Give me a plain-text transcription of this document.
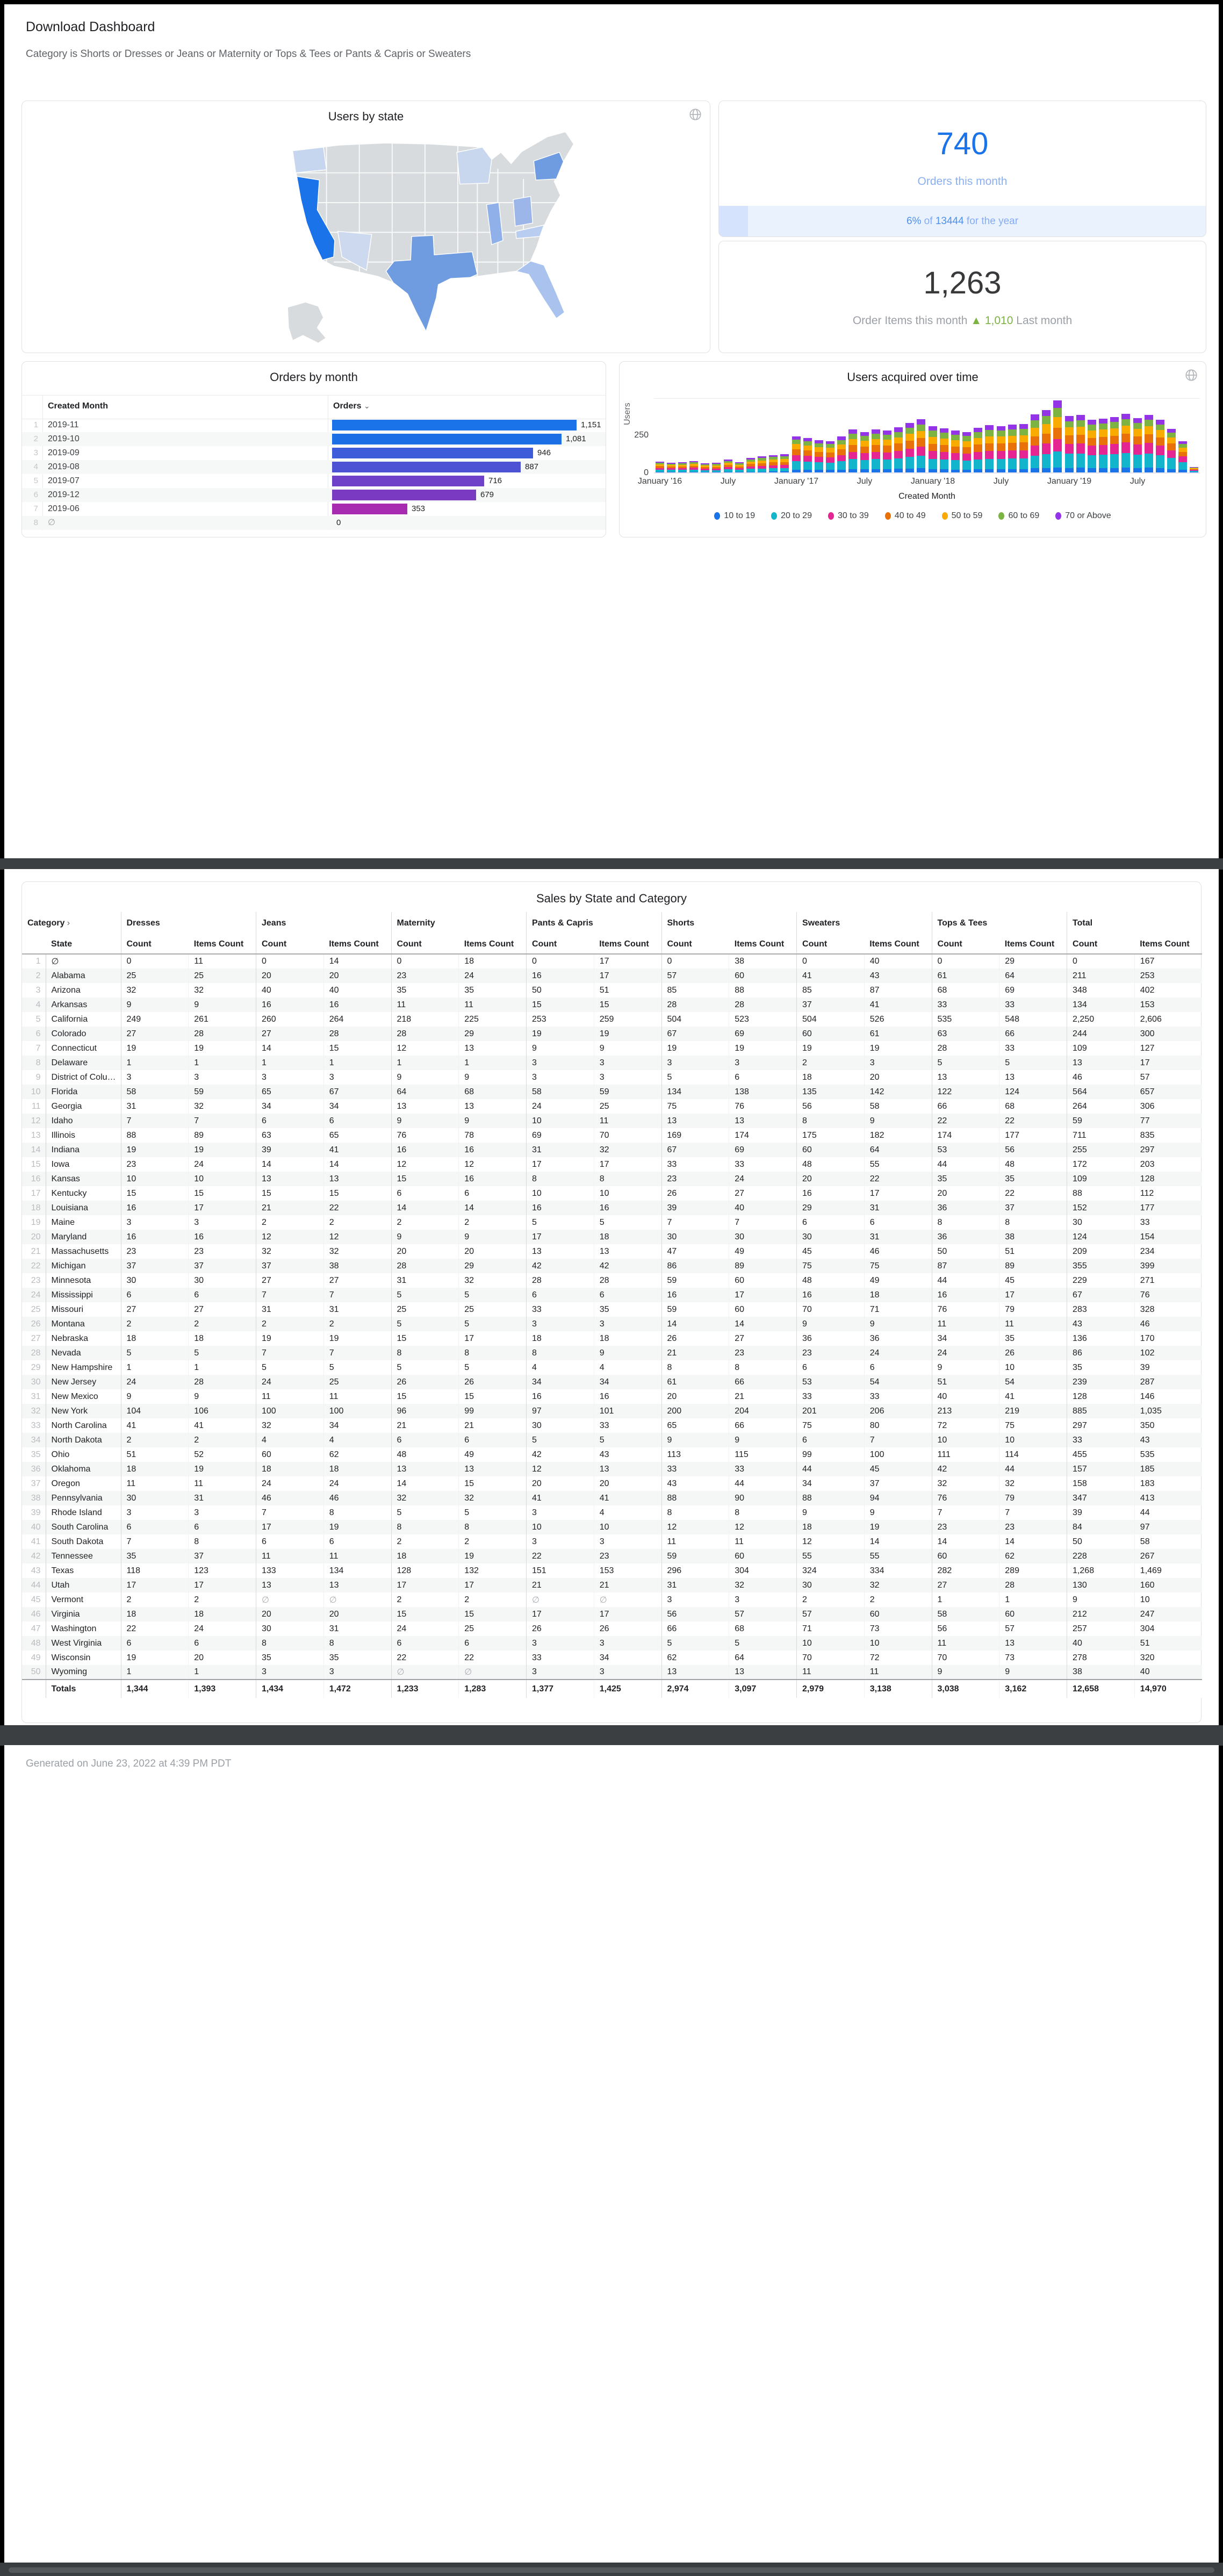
Download Dashboard
Category is Shorts or Dresses or Jeans or Maternity or Tops & Tees or Pants & Capris or Sweaters
Users by state
740
Orders this month
6% of 13444 for the year
1,263
Order Items this month ▲ 1,010 Last month
Orders by month
Created Month	Orders ⌄
1 2019-11	1,151
2 2019-10	1,081
3 2019-09	946
4 2019-08	887
5 2019-07	716
6 2019-12	679
7 2019-06	353
8 ∅	0
Users acquired over time
Users
250
0
Created Month
10 to 19	20 to 29	30 to 39	40 to 49	50 to 59	60 to 69	70 or Above
January '16	July	January '17	July	January '18	July	January '19	July
Sales by State and Category
Category ›		Dresses		Jeans		Maternity		Pants & Capris		Shorts		Sweaters		Tops & Tees		Total	
	State	Count	Items Count	Count	Items Count	Count	Items Count	Count	Items Count	Count	Items Count	Count	Items Count	Count	Items Count	Count	Items Count
1	∅	0	11	0	14	0	18	0	17	0	38	0	40	0	29	0	167
2	Alabama	25	25	20	20	23	24	16	17	57	60	41	43	61	64	211	253
3	Arizona	32	32	40	40	35	35	50	51	85	88	85	87	68	69	348	402
4	Arkansas	9	9	16	16	11	11	15	15	28	28	37	41	33	33	134	153
5	California	249	261	260	264	218	225	253	259	504	523	504	526	535	548	2,250	2,606
6	Colorado	27	28	27	28	28	29	19	19	67	69	60	61	63	66	244	300
7	Connecticut	19	19	14	15	12	13	9	9	19	19	19	19	28	33	109	127
8	Delaware	1	1	1	1	1	1	3	3	3	3	2	3	5	5	13	17
9	District of Colu…	3	3	3	3	9	9	3	3	5	6	18	20	13	13	46	57
10	Florida	58	59	65	67	64	68	58	59	134	138	135	142	122	124	564	657
11	Georgia	31	32	34	34	13	13	24	25	75	76	56	58	66	68	264	306
12	Idaho	7	7	6	6	9	9	10	11	13	13	8	9	22	22	59	77
13	Illinois	88	89	63	65	76	78	69	70	169	174	175	182	174	177	711	835
14	Indiana	19	19	39	41	16	16	31	32	67	69	60	64	53	56	255	297
15	Iowa	23	24	14	14	12	12	17	17	33	33	48	55	44	48	172	203
16	Kansas	10	10	13	13	15	16	8	8	23	24	20	22	35	35	109	128
17	Kentucky	15	15	15	15	6	6	10	10	26	27	16	17	20	22	88	112
18	Louisiana	16	17	21	22	14	14	16	16	39	40	29	31	36	37	152	177
19	Maine	3	3	2	2	2	2	5	5	7	7	6	6	8	8	30	33
20	Maryland	16	16	12	12	9	9	17	18	30	30	30	31	36	38	124	154
21	Massachusetts	23	23	32	32	20	20	13	13	47	49	45	46	50	51	209	234
22	Michigan	37	37	37	38	28	29	42	42	86	89	75	75	87	89	355	399
23	Minnesota	30	30	27	27	31	32	28	28	59	60	48	49	44	45	229	271
24	Mississippi	6	6	7	7	5	5	6	6	16	17	16	18	16	17	67	76
25	Missouri	27	27	31	31	25	25	33	35	59	60	70	71	76	79	283	328
26	Montana	2	2	2	2	5	5	3	3	14	14	9	9	11	11	43	46
27	Nebraska	18	18	19	19	15	17	18	18	26	27	36	36	34	35	136	170
28	Nevada	5	5	7	7	8	8	8	9	21	23	23	24	24	26	86	102
29	New Hampshire	1	1	5	5	5	5	4	4	8	8	6	6	9	10	35	39
30	New Jersey	24	28	24	25	26	26	34	34	61	66	53	54	51	54	239	287
31	New Mexico	9	9	11	11	15	15	16	16	20	21	33	33	40	41	128	146
32	New York	104	106	100	100	96	99	97	101	200	204	201	206	213	219	885	1,035
33	North Carolina	41	41	32	34	21	21	30	33	65	66	75	80	72	75	297	350
34	North Dakota	2	2	4	4	6	6	5	5	9	9	6	7	10	10	33	43
35	Ohio	51	52	60	62	48	49	42	43	113	115	99	100	111	114	455	535
36	Oklahoma	18	19	18	18	13	13	12	13	33	33	44	45	42	44	157	185
37	Oregon	11	11	24	24	14	15	20	20	43	44	34	37	32	32	158	183
38	Pennsylvania	30	31	46	46	32	32	41	41	88	90	88	94	76	79	347	413
39	Rhode Island	3	3	7	8	5	5	3	4	8	8	9	9	7	7	39	44
40	South Carolina	6	6	17	19	8	8	10	10	12	12	18	19	23	23	84	97
41	South Dakota	7	8	6	6	2	2	3	3	11	11	12	14	14	14	50	58
42	Tennessee	35	37	11	11	18	19	22	23	59	60	55	55	60	62	228	267
43	Texas	118	123	133	134	128	132	151	153	296	304	324	334	282	289	1,268	1,469
44	Utah	17	17	13	13	17	17	21	21	31	32	30	32	27	28	130	160
45	Vermont	2	2	∅	∅	2	2	∅	∅	3	3	2	2	1	1	9	10
46	Virginia	18	18	20	20	15	15	17	17	56	57	57	60	58	60	212	247
47	Washington	22	24	30	31	24	25	26	26	66	68	71	73	56	57	257	304
48	West Virginia	6	6	8	8	6	6	3	3	5	5	10	10	11	13	40	51
49	Wisconsin	19	20	35	35	22	22	33	34	62	64	70	72	70	73	278	320
50	Wyoming	1	1	3	3	∅	∅	3	3	13	13	11	11	9	9	38	40
	Totals	1,344	1,393	1,434	1,472	1,233	1,283	1,377	1,425	2,974	3,097	2,979	3,138	3,038	3,162	12,658	14,970
Generated on June 23, 2022 at 4:39 PM PDT
